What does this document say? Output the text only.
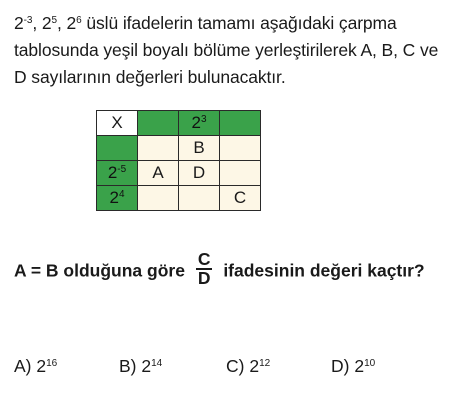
$2^{-3}$, $2^5$, $2^6$ üslü ifadelerin tamamı aşağıdaki çarpma tablosunda yeşil boyalı bölüme yerleştirilerek A, B, C ve D sayılarının değerleri bulunacaktır.
X		$2^3$	
		B	
$2^{-5}$	A	D	
$2^4$			C
A = B olduğuna göre $\frac{C}{D}$ ifadesinin değeri kaçtır?
A) $2^{16}$	B) $2^{14}$	C) $2^{12}$	D) $2^{10}$
